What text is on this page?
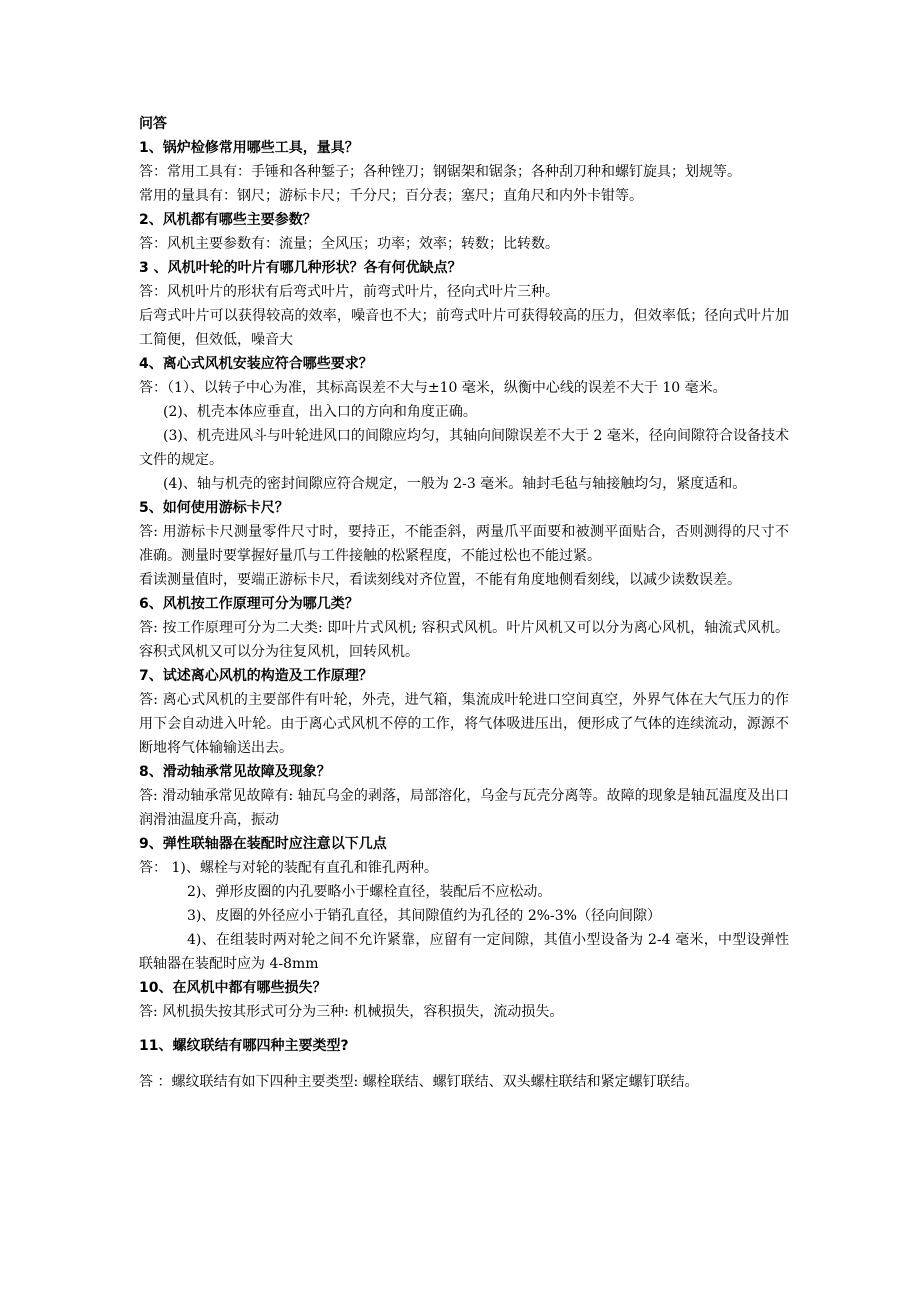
问答

1、锅炉检修常用哪些工具，量具？

答：常用工具有：手锤和各种錾子；各种锉刀；钢锯架和锯条；各种刮刀种和螺钉旋具；划规等。

常用的量具有：钢尺；游标卡尺；千分尺；百分表；塞尺；直角尺和内外卡钳等。

2、风机都有哪些主要参数？

答：风机主要参数有：流量；全风压；功率；效率；转数；比转数。

3 、风机叶轮的叶片有哪几种形状？各有何优缺点？

答：风机叶片的形状有后弯式叶片，前弯式叶片，径向式叶片三种。

后弯式叶片可以获得较高的效率，噪音也不大；前弯式叶片可获得较高的压力，但效率低；径向式叶片加工简便，但效低，噪音大

4、离心式风机安装应符合哪些要求？

答：（1）、以转子中心为准，其标高误差不大与±10 毫米，纵衡中心线的误差不大于 10 毫米。

(2)、机壳本体应垂直，出入口的方向和角度正确。

(3)、机壳进风斗与叶轮进风口的间隙应均匀，其轴向间隙误差不大于 2 毫米，径向间隙符合设备技术文件的规定。

(4)、轴与机壳的密封间隙应符合规定，一般为 2-3 毫米。轴封毛毡与轴接触均匀，紧度适和。

5、如何使用游标卡尺？

答: 用游标卡尺测量零件尺寸时，要持正，不能歪斜，两量爪平面要和被测平面贴合，否则测得的尺寸不准确。测量时要掌握好量爪与工件接触的松紧程度，不能过松也不能过紧。

看读测量值时，要端正游标卡尺，看读刻线对齐位置，不能有角度地侧看刻线，以减少读数误差。

6、风机按工作原理可分为哪几类？

答: 按工作原理可分为二大类: 即叶片式风机; 容积式风机。叶片风机又可以分为离心风机，轴流式风机。容积式风机又可以分为往复风机，回转风机。

7、试述离心风机的构造及工作原理？

答: 离心式风机的主要部件有叶轮，外壳，进气箱，集流成叶轮进口空间真空，外界气体在大气压力的作用下会自动进入叶轮。由于离心式风机不停的工作，将气体吸进压出，便形成了气体的连续流动，源源不断地将气体输输送出去。

8、滑动轴承常见故障及现象？

答: 滑动轴承常见故障有: 轴瓦乌金的剥落，局部溶化，乌金与瓦壳分离等。故障的现象是轴瓦温度及出口润滑油温度升高，振动

9、弹性联轴器在装配时应注意以下几点

答： 1)、螺栓与对轮的装配有直孔和锥孔两种。

2)、弹形皮圈的内孔要略小于螺栓直径，装配后不应松动。

3)、皮圈的外径应小于销孔直径，其间隙值约为孔径的 2%-3%（径向间隙）

4)、在组装时两对轮之间不允许紧靠，应留有一定间隙，其值小型设备为 2-4 毫米，中型设弹性联轴器在装配时应为 4-8mm

10、在风机中都有哪些损失？

答: 风机损失按其形式可分为三种: 机械损失，容积损失，流动损失。

11、螺纹联结有哪四种主要类型?

答 ：螺纹联结有如下四种主要类型: 螺栓联结、螺钉联结、双头螺柱联结和紧定螺钉联结。
